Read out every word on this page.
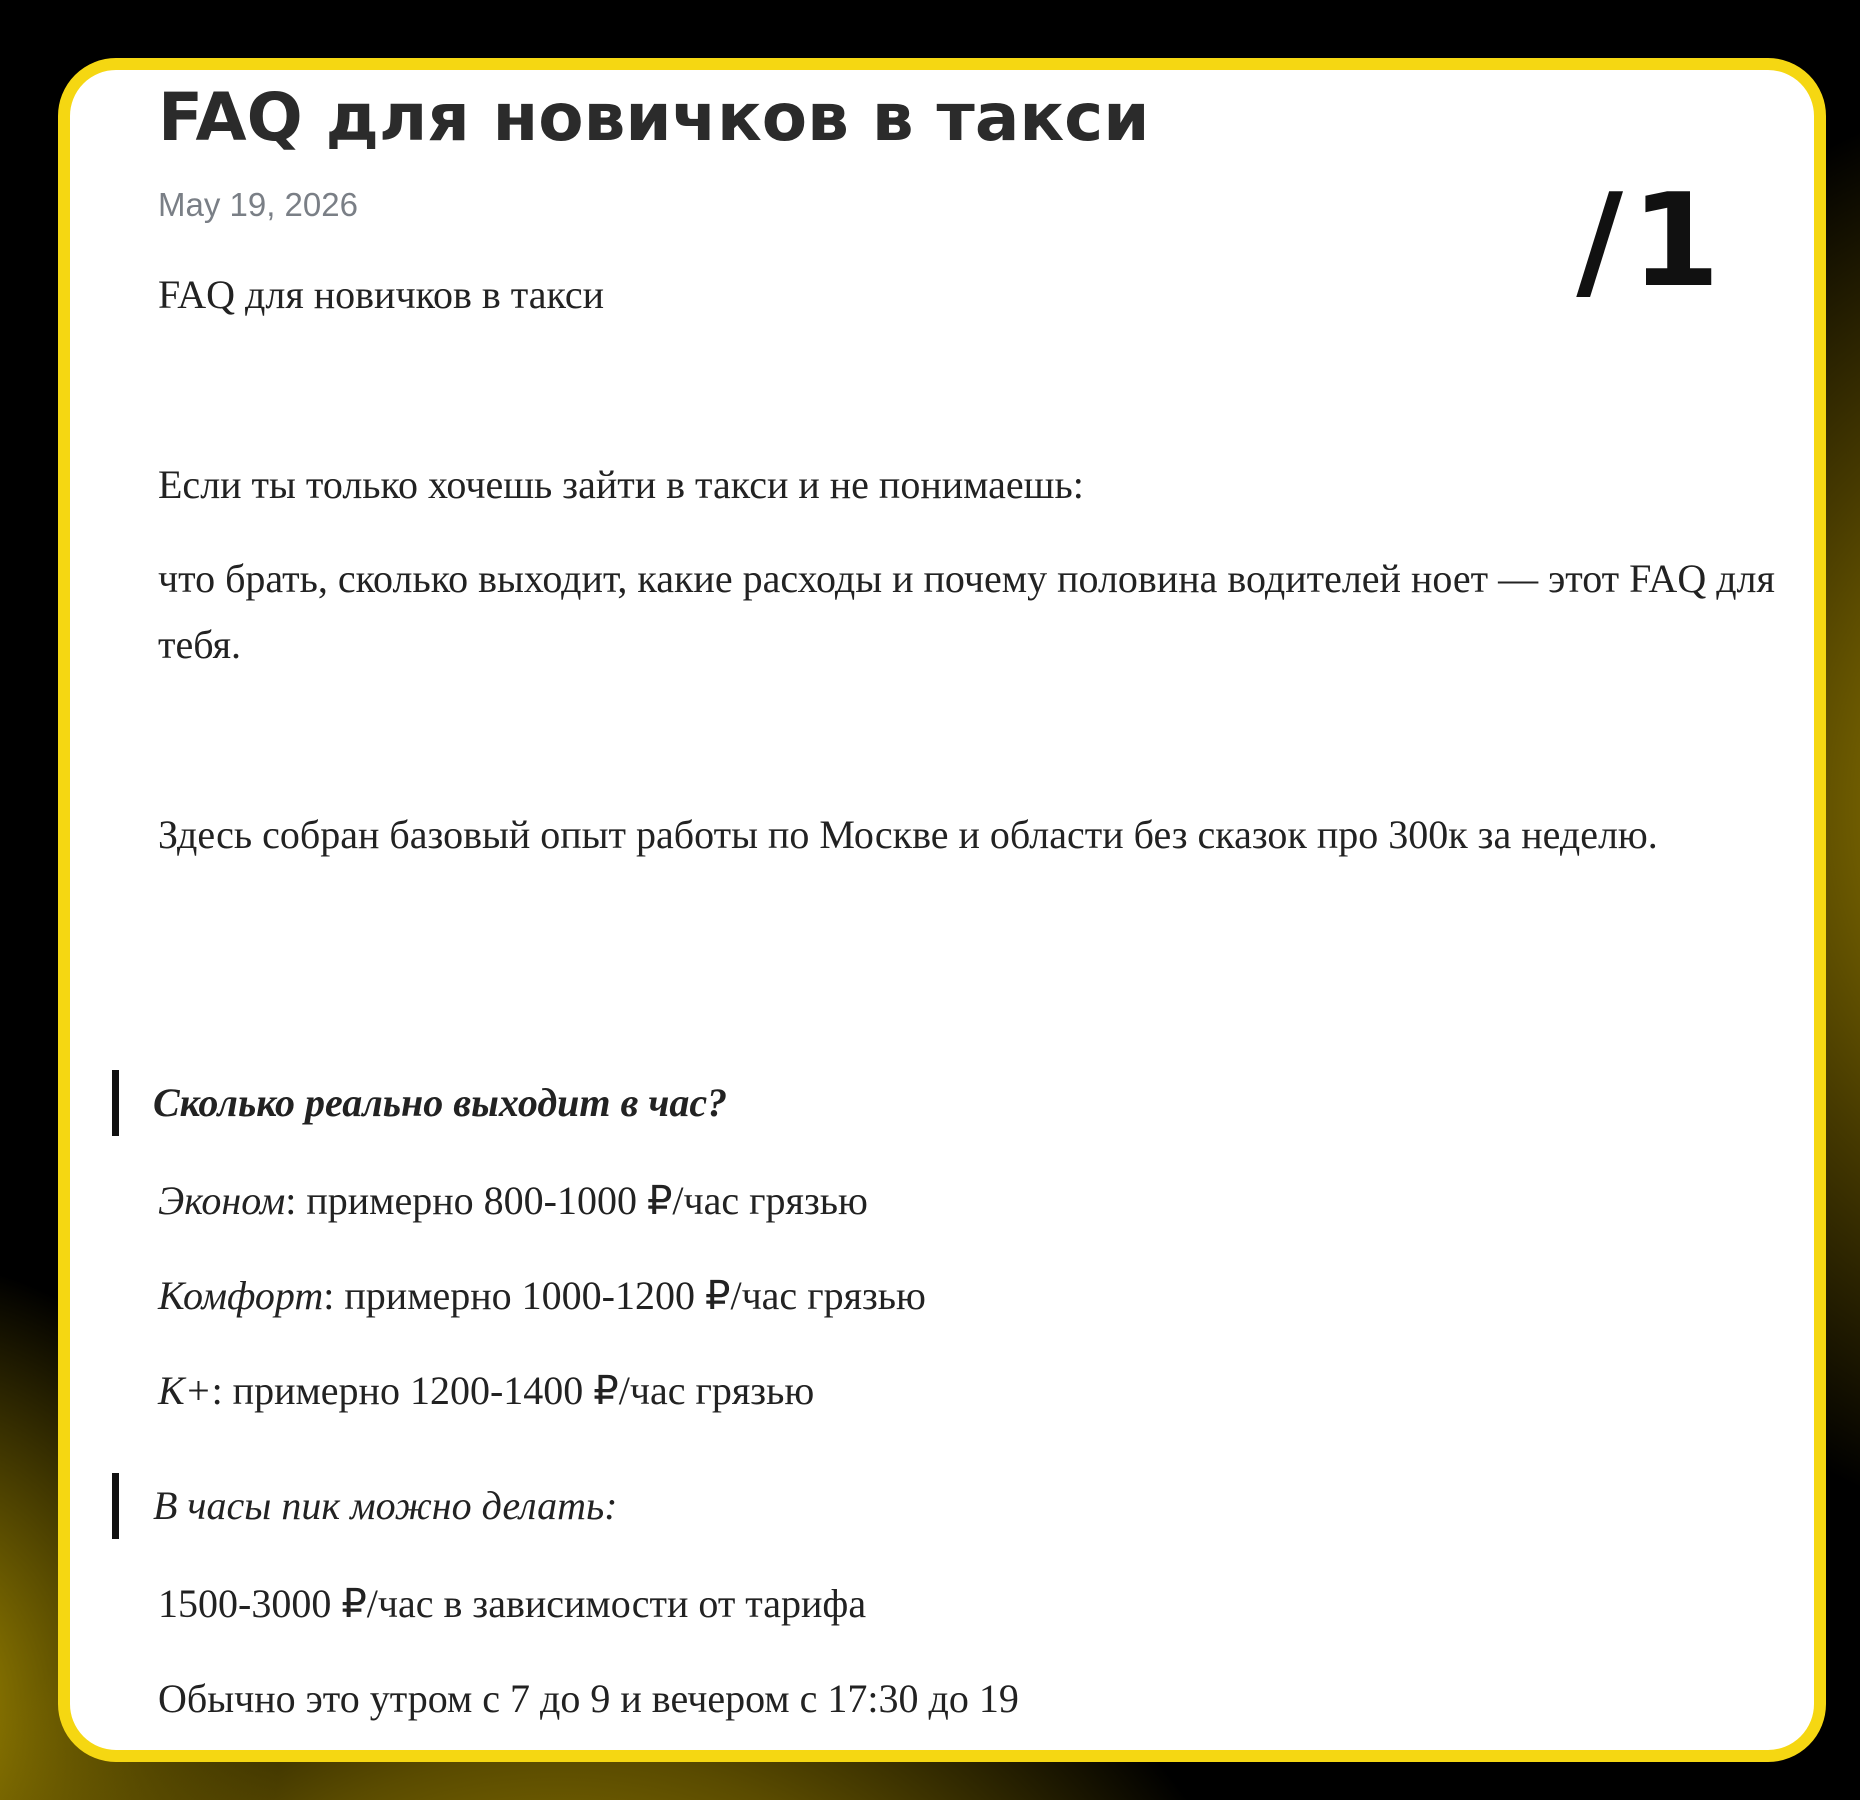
/1
FAQ для новичков в такси
May 19, 2026

FAQ для новичков в такси

Если ты только хочешь зайти в такси и не понимаешь:

что брать, сколько выходит, какие расходы и почему половина водителей ноет — этот FAQ для тебя.

Здесь собран базовый опыт работы по Москве и области без сказок про 300к за неделю.

Сколько реально выходит в час?

Эконом: примерно 800-1000 ₽/час грязью

Комфорт: примерно 1000-1200 ₽/час грязью

К+: примерно 1200-1400 ₽/час грязью

В часы пик можно делать:

1500-3000 ₽/час в зависимости от тарифа

Обычно это утром с 7 до 9 и вечером с 17:30 до 19
